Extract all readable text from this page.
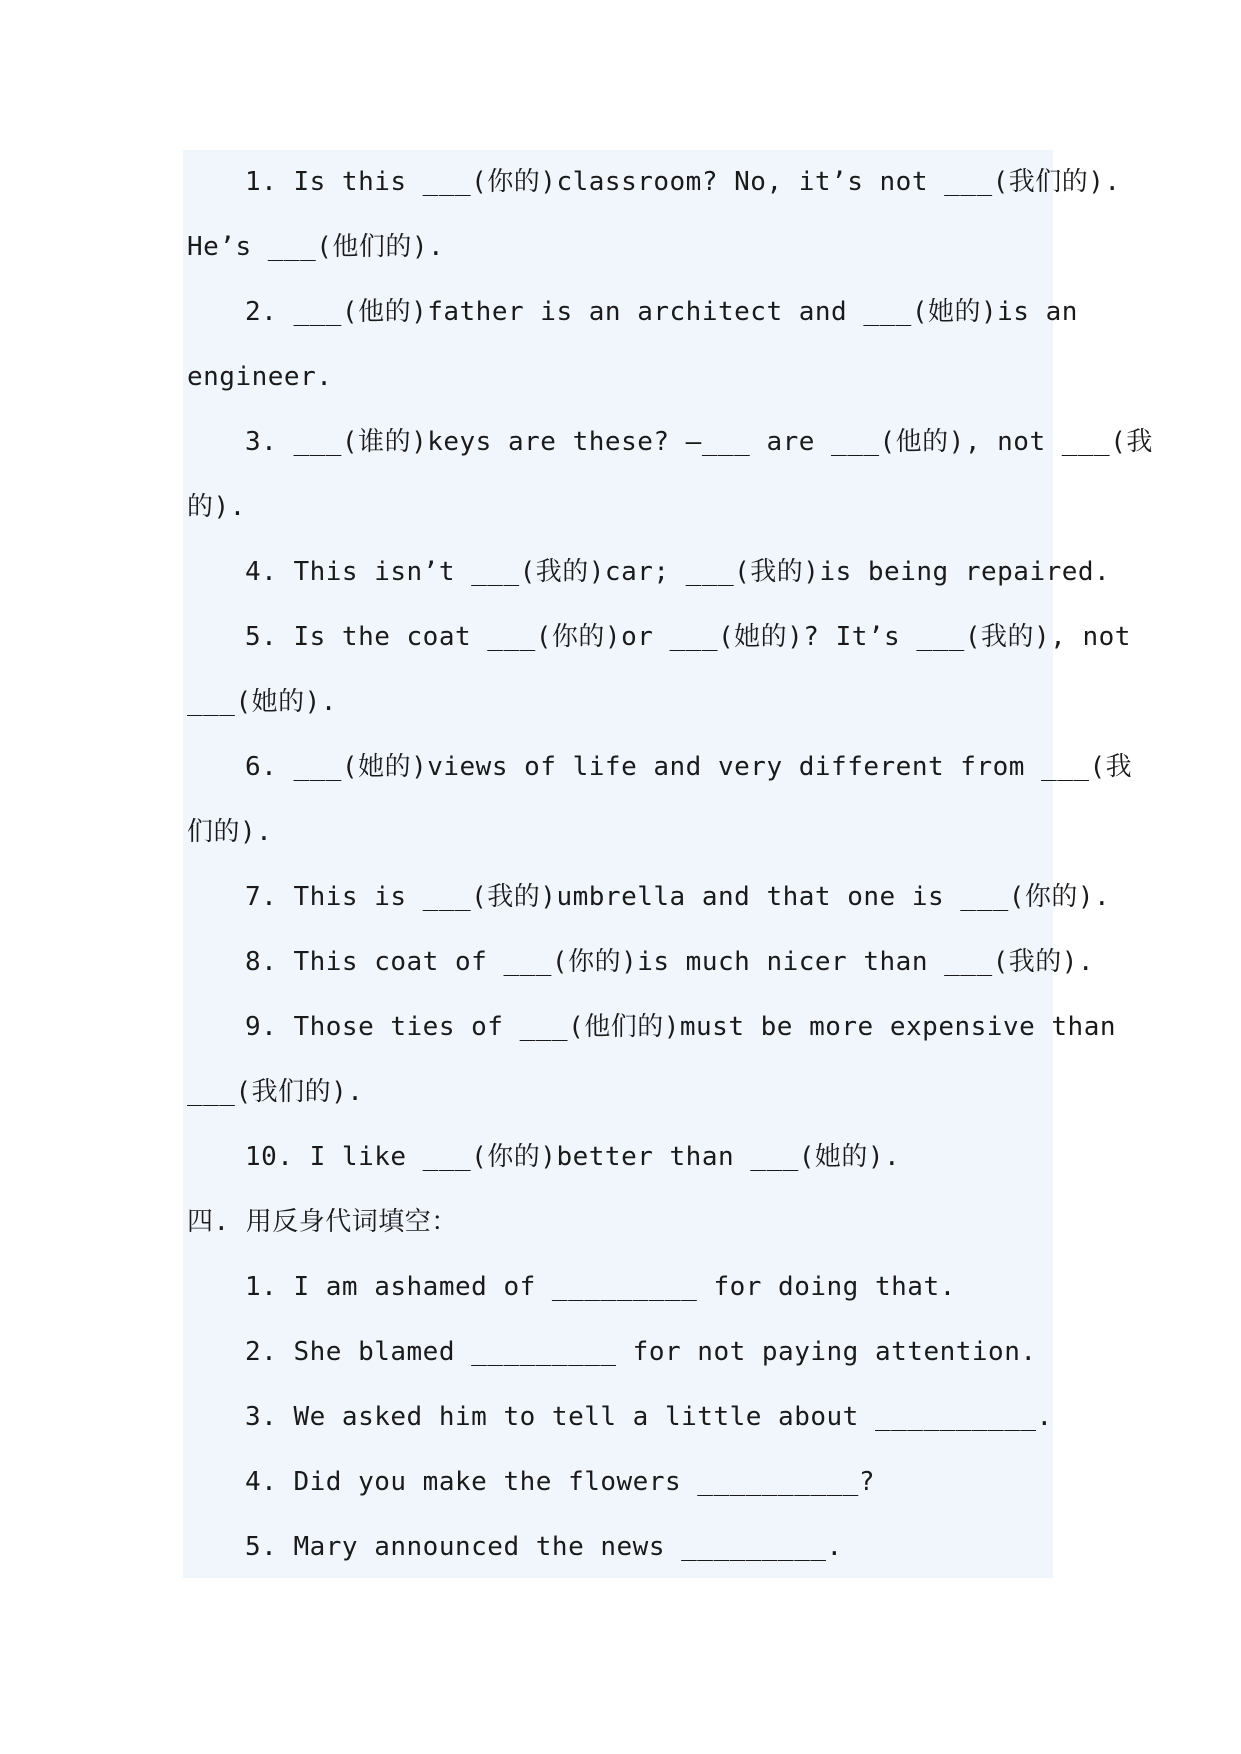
1. Is this ___(你的)classroom? No, it’s not ___(我们的).
He’s ___(他们的).
2. ___(他的)father is an architect and ___(她的)is an
engineer.
3. ___(谁的)keys are these? —___ are ___(他的), not ___(我
的).
4. This isn’t ___(我的)car; ___(我的)is being repaired.
5. Is the coat ___(你的)or ___(她的)? It’s ___(我的), not
___(她的).
6. ___(她的)views of life and very different from ___(我
们的).
7. This is ___(我的)umbrella and that one is ___(你的).
8. This coat of ___(你的)is much nicer than ___(我的).
9. Those ties of ___(他们的)must be more expensive than
___(我们的).
10. I like ___(你的)better than ___(她的).
四. 用反身代词填空：
1. I am ashamed of _________ for doing that.
2. She blamed _________ for not paying attention.
3. We asked him to tell a little about __________.
4. Did you make the flowers __________?
5. Mary announced the news _________.
